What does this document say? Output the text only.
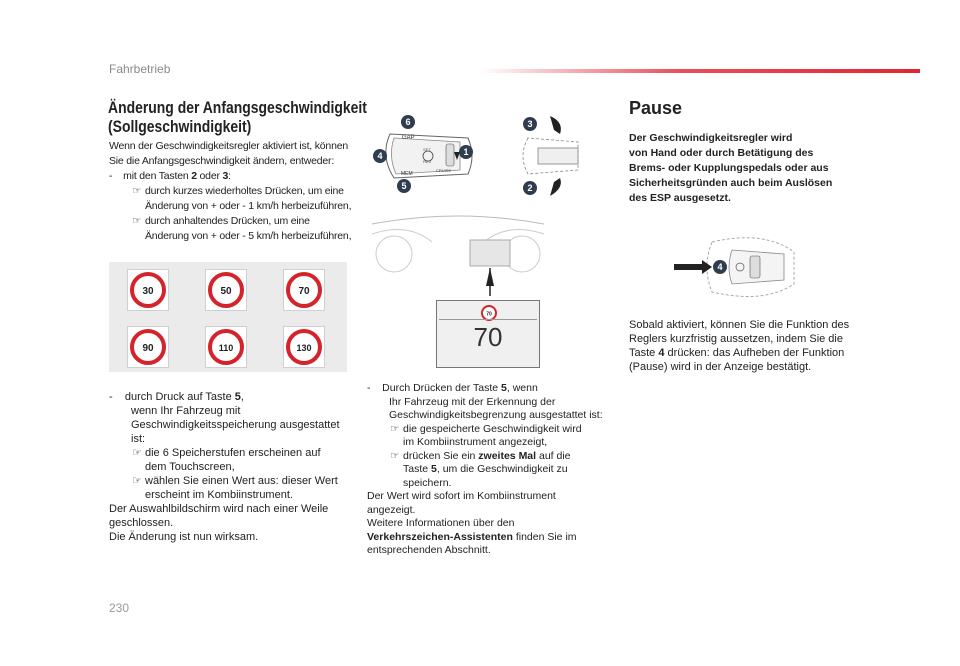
Fahrbetrieb
Änderung der Anfangsgeschwindigkeit
(Sollgeschwindigkeit)
Wenn der Geschwindigkeitsregler aktiviert ist, können
Sie die Anfangsgeschwindigkeit ändern, entweder:
-    mit den Tasten 2 oder 3:
☞ durch kurzes wiederholtes Drücken, um eine
Änderung von + oder - 1 km/h herbeizuführen,
☞ durch anhaltendes Drücken, um eine
Änderung von + oder - 5 km/h herbeizuführen,
30	50	70
90	110	130
-    durch Druck auf Taste 5,
wenn Ihr Fahrzeug mit
Geschwindigkeitsspeicherung ausgestattet
ist:
☞ die 6 Speicherstufen erscheinen auf
dem Touchscreen,
☞ wählen Sie einen Wert aus: dieser Wert
erscheint im Kombiinstrument.
Der Auswahlbildschirm wird nach einer Weile
geschlossen.
Die Änderung ist nun wirksam.
GAP
SET
RES
MEM
CRUISE
6
4	1
5
3
2
70
70
-    Durch Drücken der Taste 5, wenn
Ihr Fahrzeug mit der Erkennung der
Geschwindigkeitsbegrenzung ausgestattet ist:
☞ die gespeicherte Geschwindigkeit wird
im Kombiinstrument angezeigt,
☞ drücken Sie ein zweites Mal auf die
Taste 5, um die Geschwindigkeit zu
speichern.
Der Wert wird sofort im Kombiinstrument
angezeigt.
Weitere Informationen über den
Verkehrszeichen-Assistenten finden Sie im
entsprechenden Abschnitt.
Pause
Der Geschwindigkeitsregler wird
von Hand oder durch Betätigung des
Brems- oder Kupplungspedals oder aus
Sicherheitsgründen auch beim Auslösen
des ESP ausgesetzt.
4
Sobald aktiviert, können Sie die Funktion des
Reglers kurzfristig aussetzen, indem Sie die
Taste 4 drücken: das Aufheben der Funktion
(Pause) wird in der Anzeige bestätigt.
230
